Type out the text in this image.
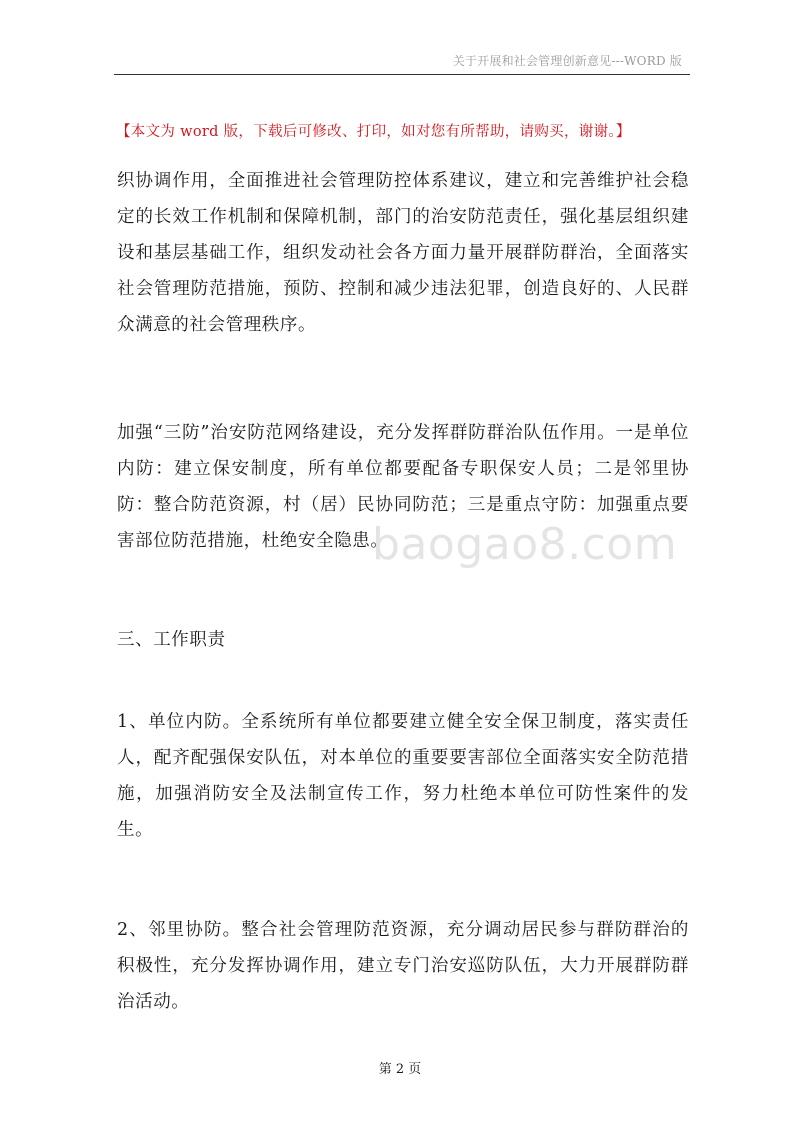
关于开展和社会管理创新意见---WORD 版
【本文为 word 版，下载后可修改、打印，如对您有所帮助，请购买，谢谢。】

织协调作用，全面推进社会管理防控体系建议，建立和完善维护社会稳定的长效工作机制和保障机制，部门的治安防范责任，强化基层组织建设和基层基础工作，组织发动社会各方面力量开展群防群治，全面落实社会管理防范措施，预防、控制和减少违法犯罪，创造良好的、人民群众满意的社会管理秩序。

加强“三防”治安防范网络建设，充分发挥群防群治队伍作用。一是单位内防：建立保安制度，所有单位都要配备专职保安人员；二是邻里协防：整合防范资源，村（居）民协同防范；三是重点守防：加强重点要害部位防范措施，杜绝安全隐患。

三、工作职责

1、单位内防。全系统所有单位都要建立健全安全保卫制度，落实责任人，配齐配强保安队伍，对本单位的重要要害部位全面落实安全防范措施，加强消防安全及法制宣传工作，努力杜绝本单位可防性案件的发生。

2、邻里协防。整合社会管理防范资源，充分调动居民参与群防群治的积极性，充分发挥协调作用，建立专门治安巡防队伍，大力开展群防群治活动。

baogao8.com
第 2 页
